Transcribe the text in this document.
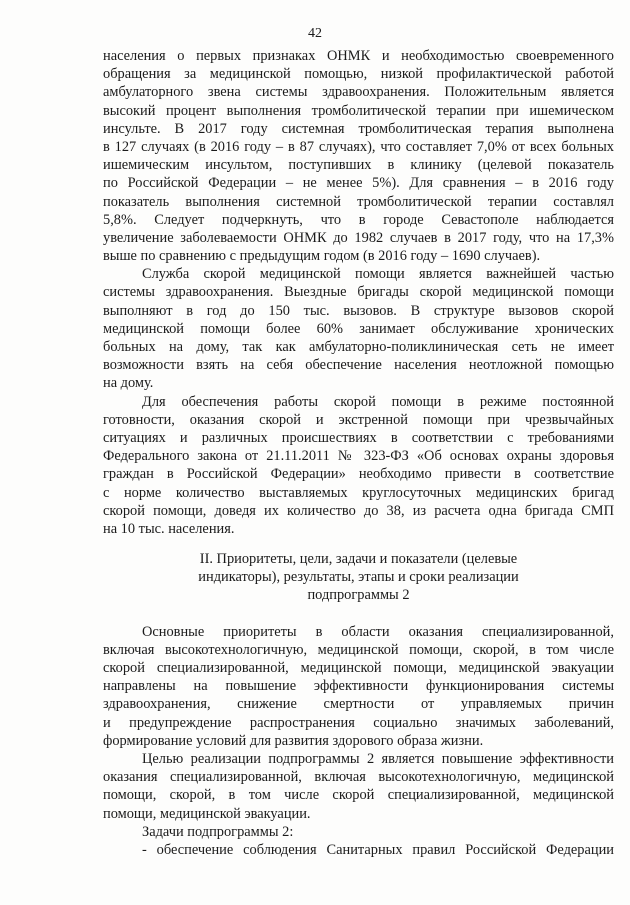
42
населения о первых признаках ОНМК и необходимостью своевременного
обращения за медицинской помощью, низкой профилактической работой
амбулаторного звена системы здравоохранения. Положительным является
высокий процент выполнения тромболитической терапии при ишемическом
инсульте. В 2017 году системная тромболитическая терапия выполнена
в 127 случаях (в 2016 году – в 87 случаях), что составляет 7,0% от всех больных
ишемическим инсультом, поступивших в клинику (целевой показатель
по Российской Федерации – не менее 5%). Для сравнения – в 2016 году
показатель выполнения системной тромболитической терапии составлял
5,8%. Следует подчеркнуть, что в городе Севастополе наблюдается
увеличение заболеваемости ОНМК до 1982 случаев в 2017 году, что на 17,3%
выше по сравнению с предыдущим годом (в 2016 году – 1690 случаев).
Служба скорой медицинской помощи является важнейшей частью
системы здравоохранения. Выездные бригады скорой медицинской помощи
выполняют в год до 150 тыс. вызовов. В структуре вызовов скорой
медицинской помощи более 60% занимает обслуживание хронических
больных на дому, так как амбулаторно-поликлиническая сеть не имеет
возможности взять на себя обеспечение населения неотложной помощью
на дому.
Для обеспечения работы скорой помощи в режиме постоянной
готовности, оказания скорой и экстренной помощи при чрезвычайных
ситуациях и различных происшествиях в соответствии с требованиями
Федерального закона от 21.11.2011 № 323-ФЗ «Об основах охраны здоровья
граждан в Российской Федерации» необходимо привести в соответствие
с норме количество выставляемых круглосуточных медицинских бригад
скорой помощи, доведя их количество до 38, из расчета одна бригада СМП
на 10 тыс. населения.
II. Приоритеты, цели, задачи и показатели (целевые
индикаторы), результаты, этапы и сроки реализации
подпрограммы 2
Основные приоритеты в области оказания специализированной,
включая высокотехнологичную, медицинской помощи, скорой, в том числе
скорой специализированной, медицинской помощи, медицинской эвакуации
направлены на повышение эффективности функционирования системы
здравоохранения, снижение смертности от управляемых причин
и предупреждение распространения социально значимых заболеваний,
формирование условий для развития здорового образа жизни.
Целью реализации подпрограммы 2 является повышение эффективности
оказания специализированной, включая высокотехнологичную, медицинской
помощи, скорой, в том числе скорой специализированной, медицинской
помощи, медицинской эвакуации.
Задачи подпрограммы 2:
- обеспечение соблюдения Санитарных правил Российской Федерации
